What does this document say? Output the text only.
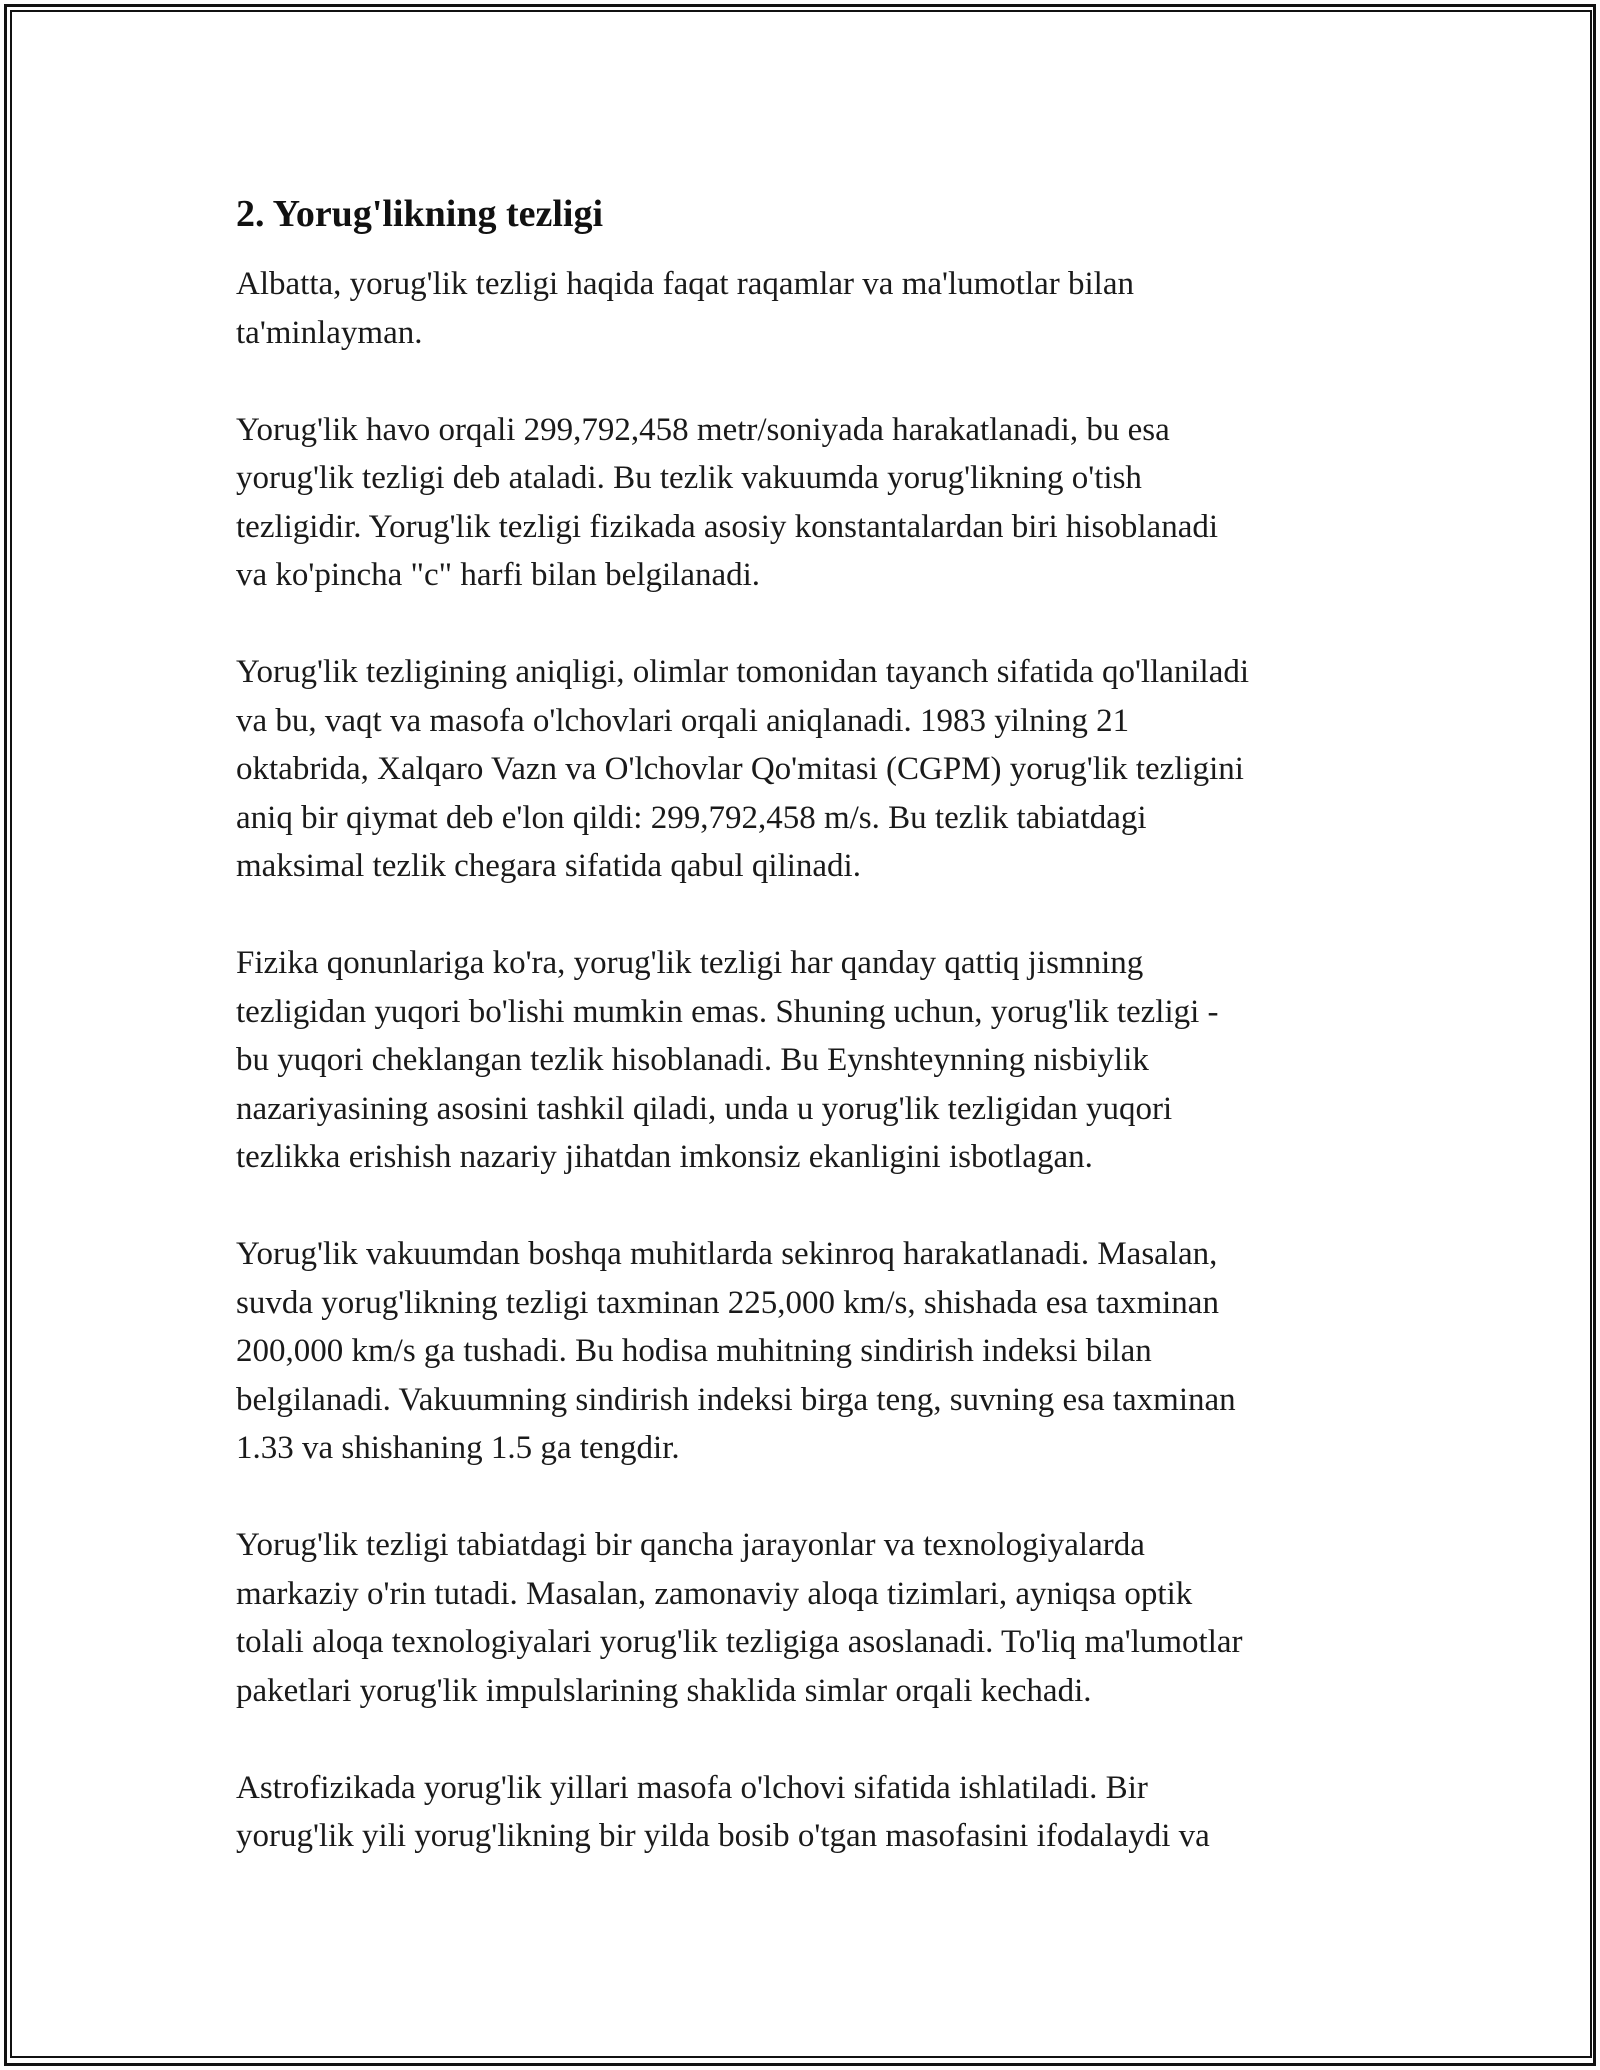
2. Yorug'likning tezligi

Albatta, yorug'lik tezligi haqida faqat raqamlar va ma'lumotlar bilan
ta'minlayman.

Yorug'lik havo orqali 299,792,458 metr/soniyada harakatlanadi, bu esa
yorug'lik tezligi deb ataladi. Bu tezlik vakuumda yorug'likning o'tish
tezligidir. Yorug'lik tezligi fizikada asosiy konstantalardan biri hisoblanadi
va ko'pincha "c" harfi bilan belgilanadi.

Yorug'lik tezligining aniqligi, olimlar tomonidan tayanch sifatida qo'llaniladi
va bu, vaqt va masofa o'lchovlari orqali aniqlanadi. 1983 yilning 21
oktabrida, Xalqaro Vazn va O'lchovlar Qo'mitasi (CGPM) yorug'lik tezligini
aniq bir qiymat deb e'lon qildi: 299,792,458 m/s. Bu tezlik tabiatdagi
maksimal tezlik chegara sifatida qabul qilinadi.

Fizika qonunlariga ko'ra, yorug'lik tezligi har qanday qattiq jismning
tezligidan yuqori bo'lishi mumkin emas. Shuning uchun, yorug'lik tezligi -
bu yuqori cheklangan tezlik hisoblanadi. Bu Eynshteynning nisbiylik
nazariyasining asosini tashkil qiladi, unda u yorug'lik tezligidan yuqori
tezlikka erishish nazariy jihatdan imkonsiz ekanligini isbotlagan.

Yorug'lik vakuumdan boshqa muhitlarda sekinroq harakatlanadi. Masalan,
suvda yorug'likning tezligi taxminan 225,000 km/s, shishada esa taxminan
200,000 km/s ga tushadi. Bu hodisa muhitning sindirish indeksi bilan
belgilanadi. Vakuumning sindirish indeksi birga teng, suvning esa taxminan
1.33 va shishaning 1.5 ga tengdir.

Yorug'lik tezligi tabiatdagi bir qancha jarayonlar va texnologiyalarda
markaziy o'rin tutadi. Masalan, zamonaviy aloqa tizimlari, ayniqsa optik
tolali aloqa texnologiyalari yorug'lik tezligiga asoslanadi. To'liq ma'lumotlar
paketlari yorug'lik impulslarining shaklida simlar orqali kechadi.

Astrofizikada yorug'lik yillari masofa o'lchovi sifatida ishlatiladi. Bir
yorug'lik yili yorug'likning bir yilda bosib o'tgan masofasini ifodalaydi va
